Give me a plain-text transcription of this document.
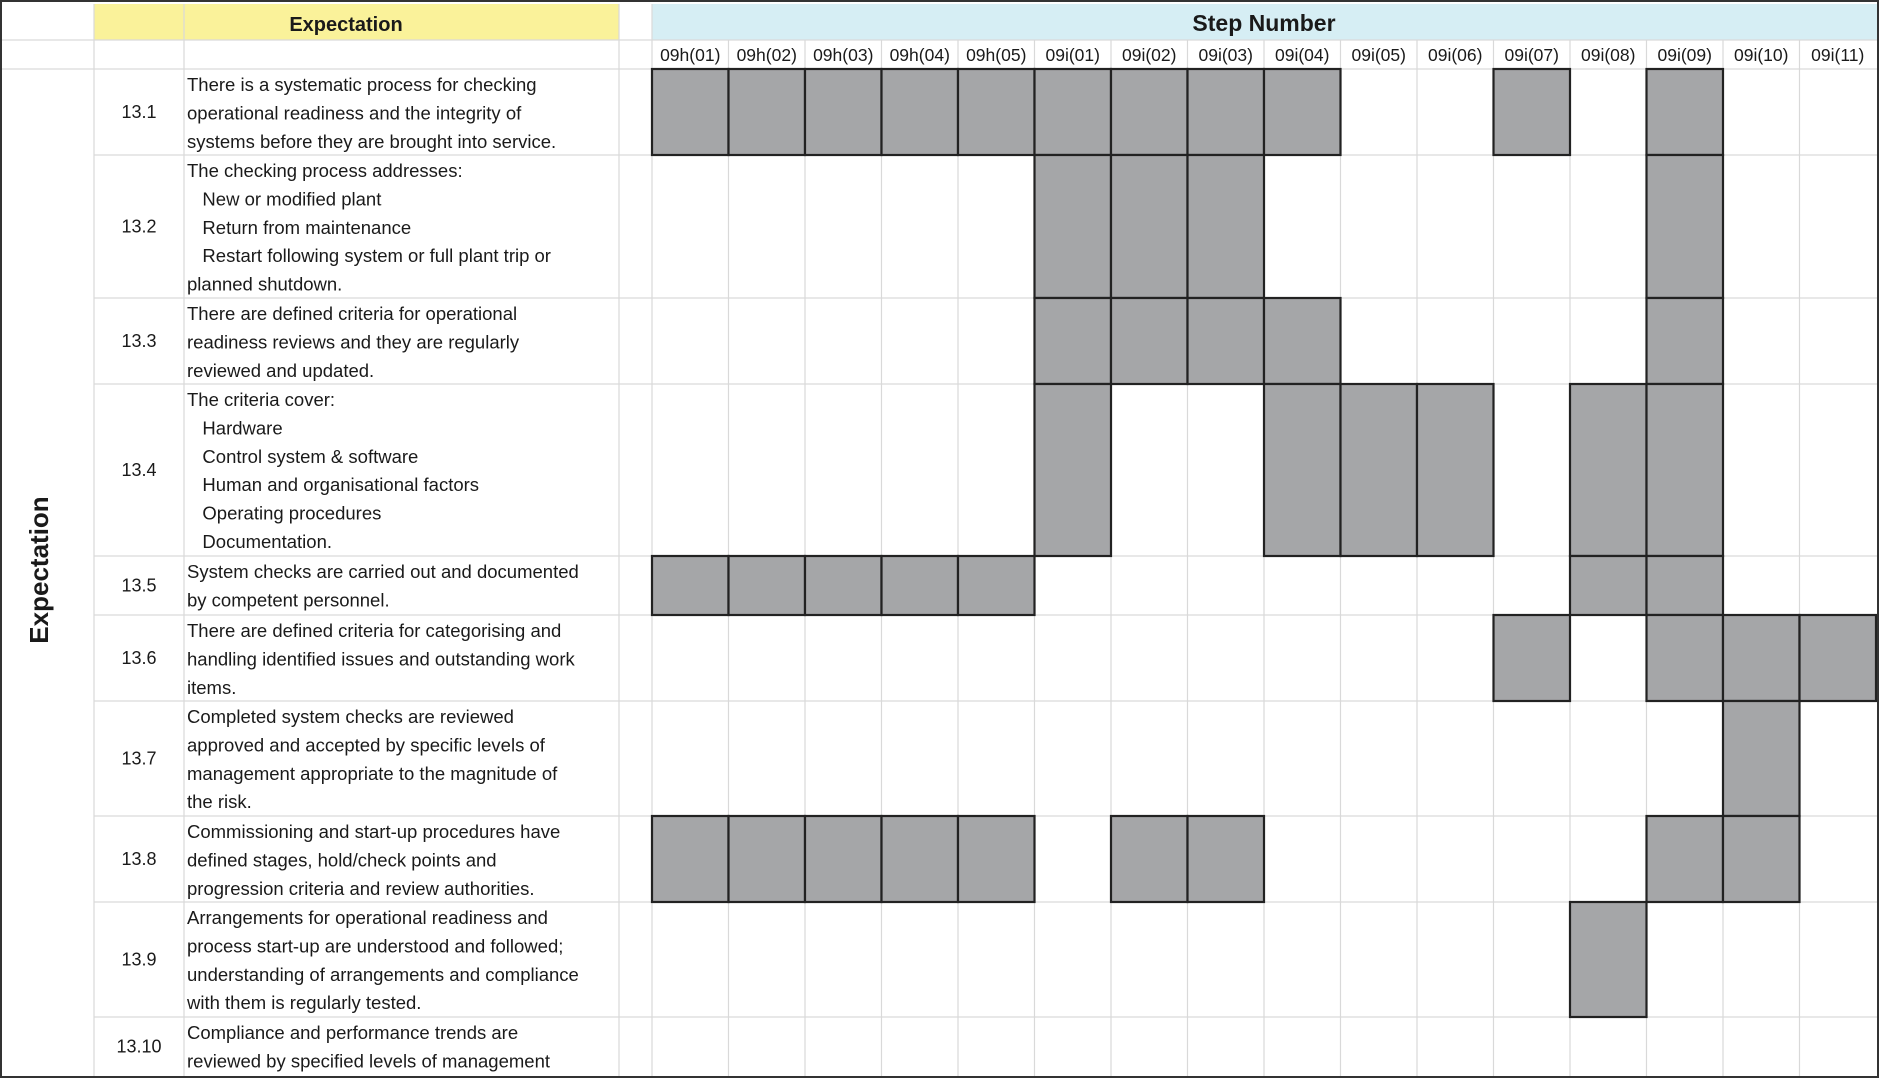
Expectation	Step Number
Expectation
09h(01) 09h(02) 09h(03) 09h(04) 09h(05) 09i(01) 09i(02) 09i(03) 09i(04) 09i(05) 09i(06) 09i(07) 09i(08) 09i(09) 09i(10) 09i(11)
13.1
There is a systematic process for checking
operational readiness and the integrity of
systems before they are brought into service.
13.2
The checking process addresses:
New or modified plant
Return from maintenance
Restart following system or full plant trip or
planned shutdown.
13.3
There are defined criteria for operational
readiness reviews and they are regularly
reviewed and updated.
13.4
The criteria cover:
Hardware
Control system & software
Human and organisational factors
Operating procedures
Documentation.
13.5
System checks are carried out and documented
by competent personnel.
13.6
There are defined criteria for categorising and
handling identified issues and outstanding work
items.
13.7
Completed system checks are reviewed
approved and accepted by specific levels of
management appropriate to the magnitude of
the risk.
13.8
Commissioning and start-up procedures have
defined stages, hold/check points and
progression criteria and review authorities.
13.9
Arrangements for operational readiness and
process start-up are understood and followed;
understanding of arrangements and compliance
with them is regularly tested.
13.10
Compliance and performance trends are
reviewed by specified levels of management
